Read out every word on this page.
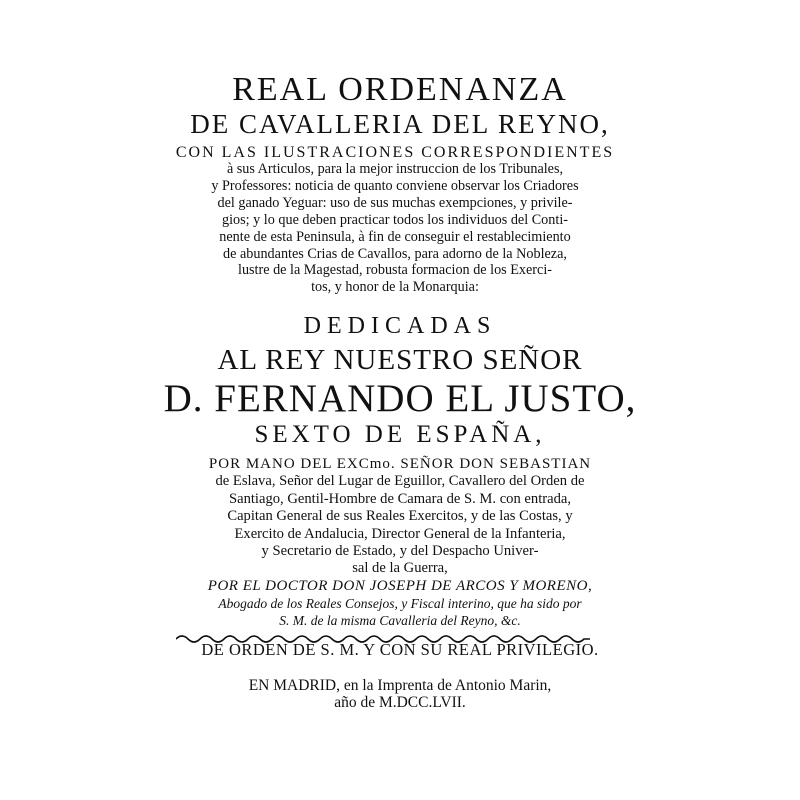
REAL ORDENANZA
DE CAVALLERIA DEL REYNO,
CON LAS ILUSTRACIONES CORRESPONDIENTES
à sus Articulos, para la mejor instruccion de los Tribunales,
y Professores: noticia de quanto conviene observar los Criadores
del ganado Yeguar: uso de sus muchas exempciones, y privile-
gios; y lo que deben practicar todos los individuos del Conti-
nente de esta Peninsula, à fin de conseguir el restablecimiento
de abundantes Crias de Cavallos, para adorno de la Nobleza,
lustre de la Magestad, robusta formacion de los Exerci-
tos, y honor de la Monarquia:
DEDICADAS
AL REY NUESTRO SEÑOR
D. FERNANDO EL JUSTO,
SEXTO DE ESPAÑA,
POR MANO DEL EXCmo. SEÑOR DON SEBASTIAN
de Eslava, Señor del Lugar de Eguillor, Cavallero del Orden de
Santiago, Gentil-Hombre de Camara de S. M. con entrada,
Capitan General de sus Reales Exercitos, y de las Costas, y
Exercito de Andalucia, Director General de la Infanteria,
y Secretario de Estado, y del Despacho Univer-
sal de la Guerra,
POR EL DOCTOR DON JOSEPH DE ARCOS Y MORENO,
Abogado de los Reales Consejos, y Fiscal interino, que ha sido por
S. M. de la misma Cavalleria del Reyno, &c.
DE ORDEN DE S. M. Y CON SU REAL PRIVILEGIO.
EN MADRID, en la Imprenta de Antonio Marin,
año de M.DCC.LVII.
